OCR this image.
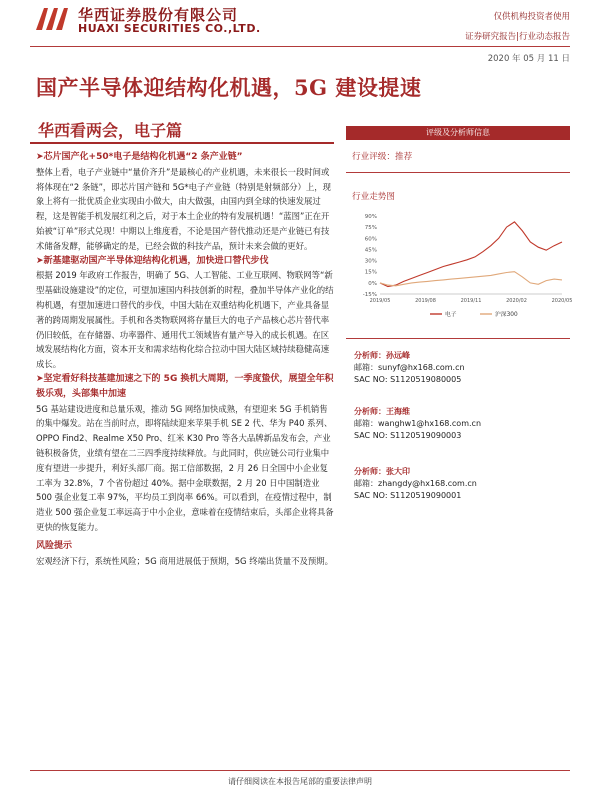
华西证券股份有限公司
HUAXI SECURITIES CO.,LTD.
仅供机构投资者使用
证券研究报告|行业动态报告
2020 年 05 月 11 日
国产半导体迎结构化机遇，5G 建设提速
华西看两会，电子篇
➤芯片国产化+50*电子是结构化机遇“2 条产业链”

整体上看，电子产业链中“量价齐升”是最核心的产业机遇，未来很长一段时间或将体现在“2 条链”，即芯片国产链和 5G*电子产业链（特别是射频部分）上，现象上将有一批优质企业实现由小做大，由大做强，由国内到全球的快速发展过程，这是智能手机发展红利之后，对于本土企业的特有发展机遇！“蓝图”正在开始被“订单”形式兑现！中期以上维度看，不论是国产替代推动还是产业链已有技术储备发酵，能够确定的是，已经会做的科技产品，预计未来会做的更好。

➤新基建驱动国产半导体迎结构化机遇，加快进口替代步伐

根据 2019 年政府工作报告，明确了 5G、人工智能、工业互联网、物联网等“新型基础设施建设”的定位，可望加速国内科技创新的时程，叠加半导体产业化的结构机遇，有望加速进口替代的步伐，中国大陆在双重结构化机遇下，产业具备显著的跨周期发展属性。手机和各类物联网将存量巨大的电子产品核心芯片替代率仍旧较低，在存储器、功率器件、通用代工领域皆有量产导入的成长机遇。在区域发展结构化方面，资本开支和需求结构化综合拉动中国大陆区域持续稳健高速成长。

➤坚定看好科技基建加速之下的 5G 换机大周期，一季度蛰伏，展望全年积极乐观，头部集中加速

5G 基站建设进度和总量乐观，推动 5G 网络加快成熟，有望迎来 5G 手机销售的集中爆发。站在当前时点，即将陆续迎来苹果手机 SE 2 代、华为 P40 系列、OPPO Find2、Realme X50 Pro、红米 K30 Pro 等各大品牌新品发布会，产业链积极备货，业绩有望在二三四季度持续释放。与此同时，供应链公司行业集中度有望进一步提升，利好头部厂商。据工信部数据，2 月 26 日全国中小企业复工率为 32.8%，7 个省份超过 40%。据中金联数据，2 月 20 日中国制造业 500 强企业复工率 97%，平均员工到岗率 66%。可以看到，在疫情过程中，制造业 500 强企业复工率远高于中小企业，意味着在疫情结束后，头部企业将具备更快的恢复能力。

风险提示

宏观经济下行，系统性风险；5G 商用进展低于预期，5G 终端出货量不及预期。

评级及分析师信息
行业评级：推荐
行业走势图
-15%
0%
15%
30%
45%
60%
75%
90%
2019/05	2019/08	2019/11	2020/02	2020/05
电子	沪深300
分析师：孙远峰
邮箱：sunyf@hx168.com.cn
SAC NO: S1120519080005
分析师：王海维
邮箱：wanghw1@hx168.com.cn
SAC NO: S1120519090003
分析师：张大印
邮箱：zhangdy@hx168.com.cn
SAC NO: S1120519090001
请仔细阅读在本报告尾部的重要法律声明
